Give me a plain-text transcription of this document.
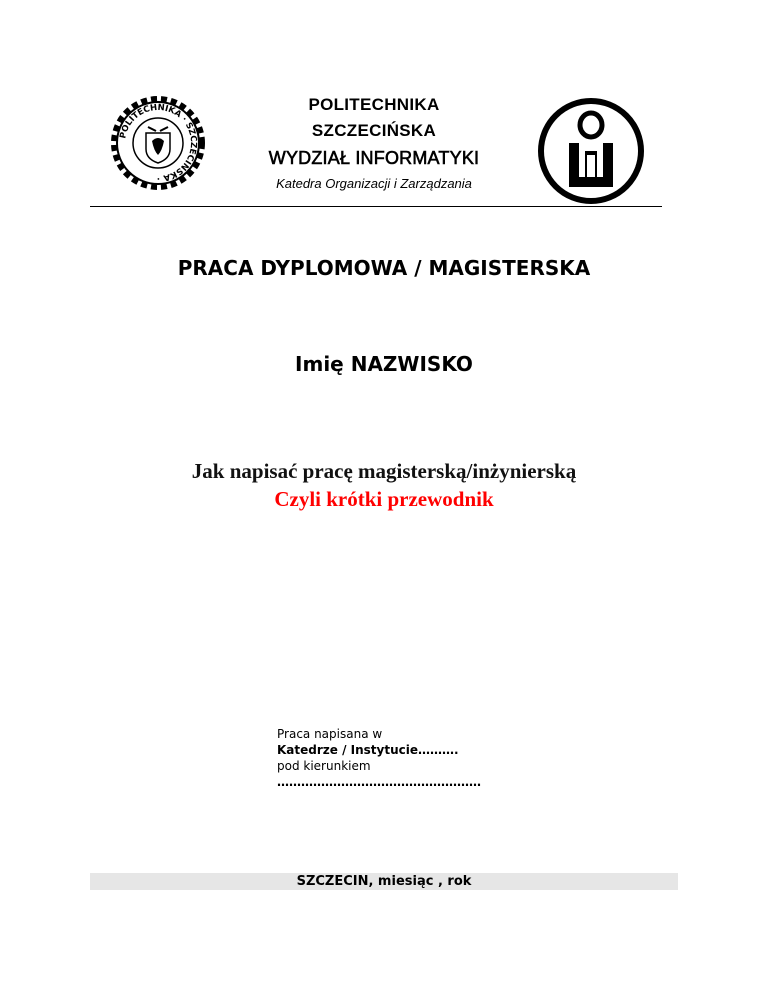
POLITECHNIKA · SZCZECIŃSKA ·
POLITECHNIKA
SZCZECIŃSKA
WYDZIAŁ INFORMATYKI
Katedra Organizacji i Zarządzania
PRACA DYPLOMOWA / MAGISTERSKA
Imię NAZWISKO
Jak napisać pracę magisterską/inżynierską
Czyli krótki przewodnik
Praca napisana w
Katedrze / Instytucie……….
pod kierunkiem
……………………………………………
SZCZECIN, miesiąc , rok
